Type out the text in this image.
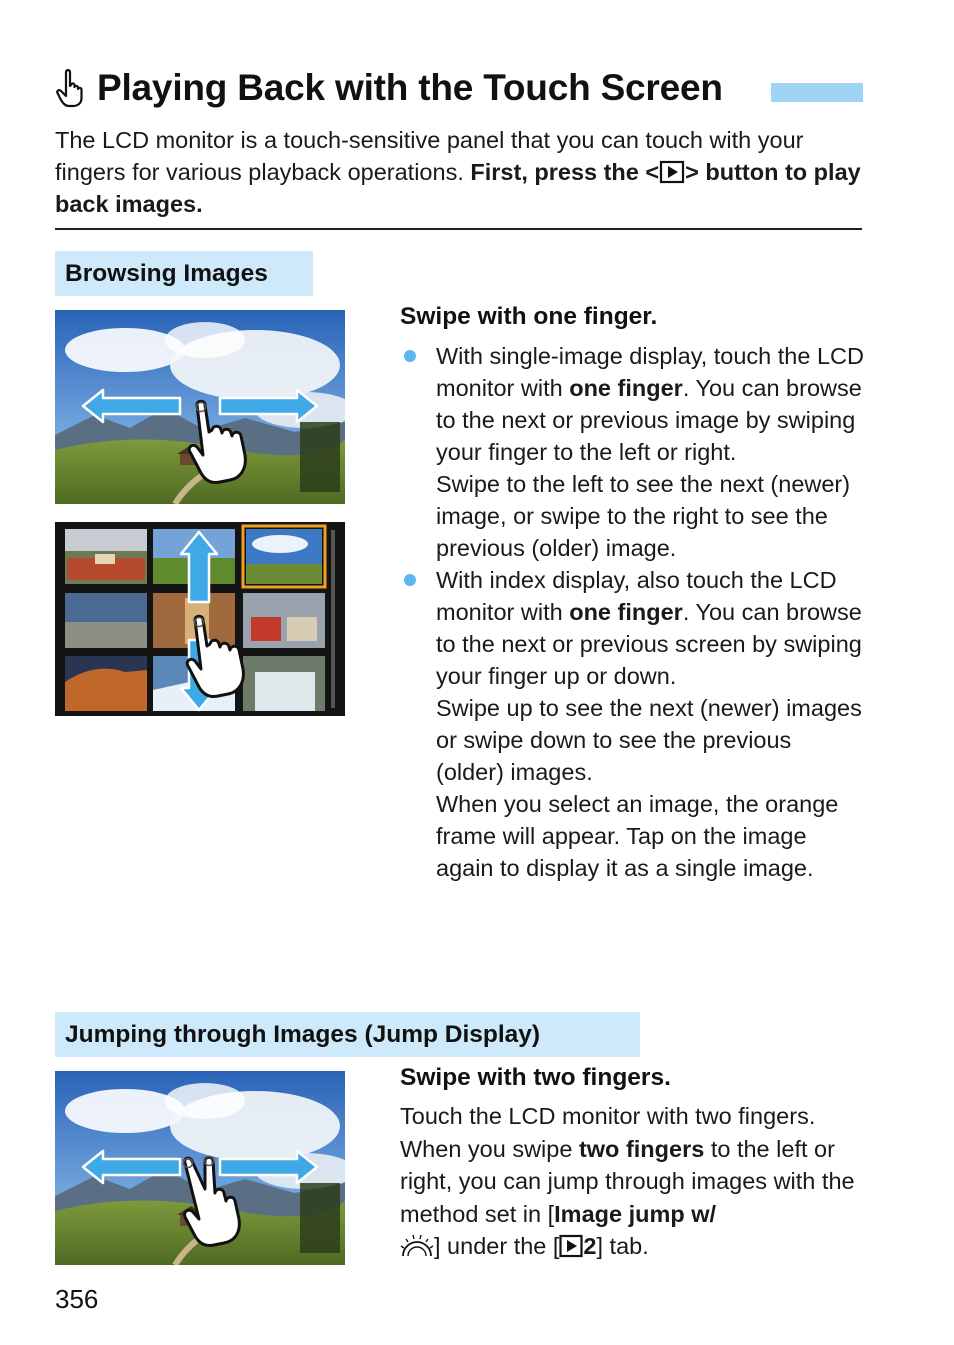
Playing Back with the Touch Screen

The LCD monitor is a touch-sensitive panel that you can touch with your fingers for various playback operations. First, press the < > button to play back images.

Browsing Images
Swipe with one finger.
With single-image display, touch the LCD monitor with one finger. You can browse to the next or previous image by swiping your finger to the left or right.
Swipe to the left to see the next (newer) image, or swipe to the right to see the previous (older) image.
With index display, also touch the LCD monitor with one finger. You can browse to the next or previous screen by swiping your finger up or down.
Swipe up to see the next (newer) images or swipe down to see the previous (older) images.
When you select an image, the orange frame will appear. Tap on the image again to display it as a single image.
Jumping through Images (Jump Display)
Swipe with two fingers.

Touch the LCD monitor with two fingers. When you swipe two fingers to the left or right, you can jump through images with the method set in [Image jump w/
] under the [ 2] tab.

356
